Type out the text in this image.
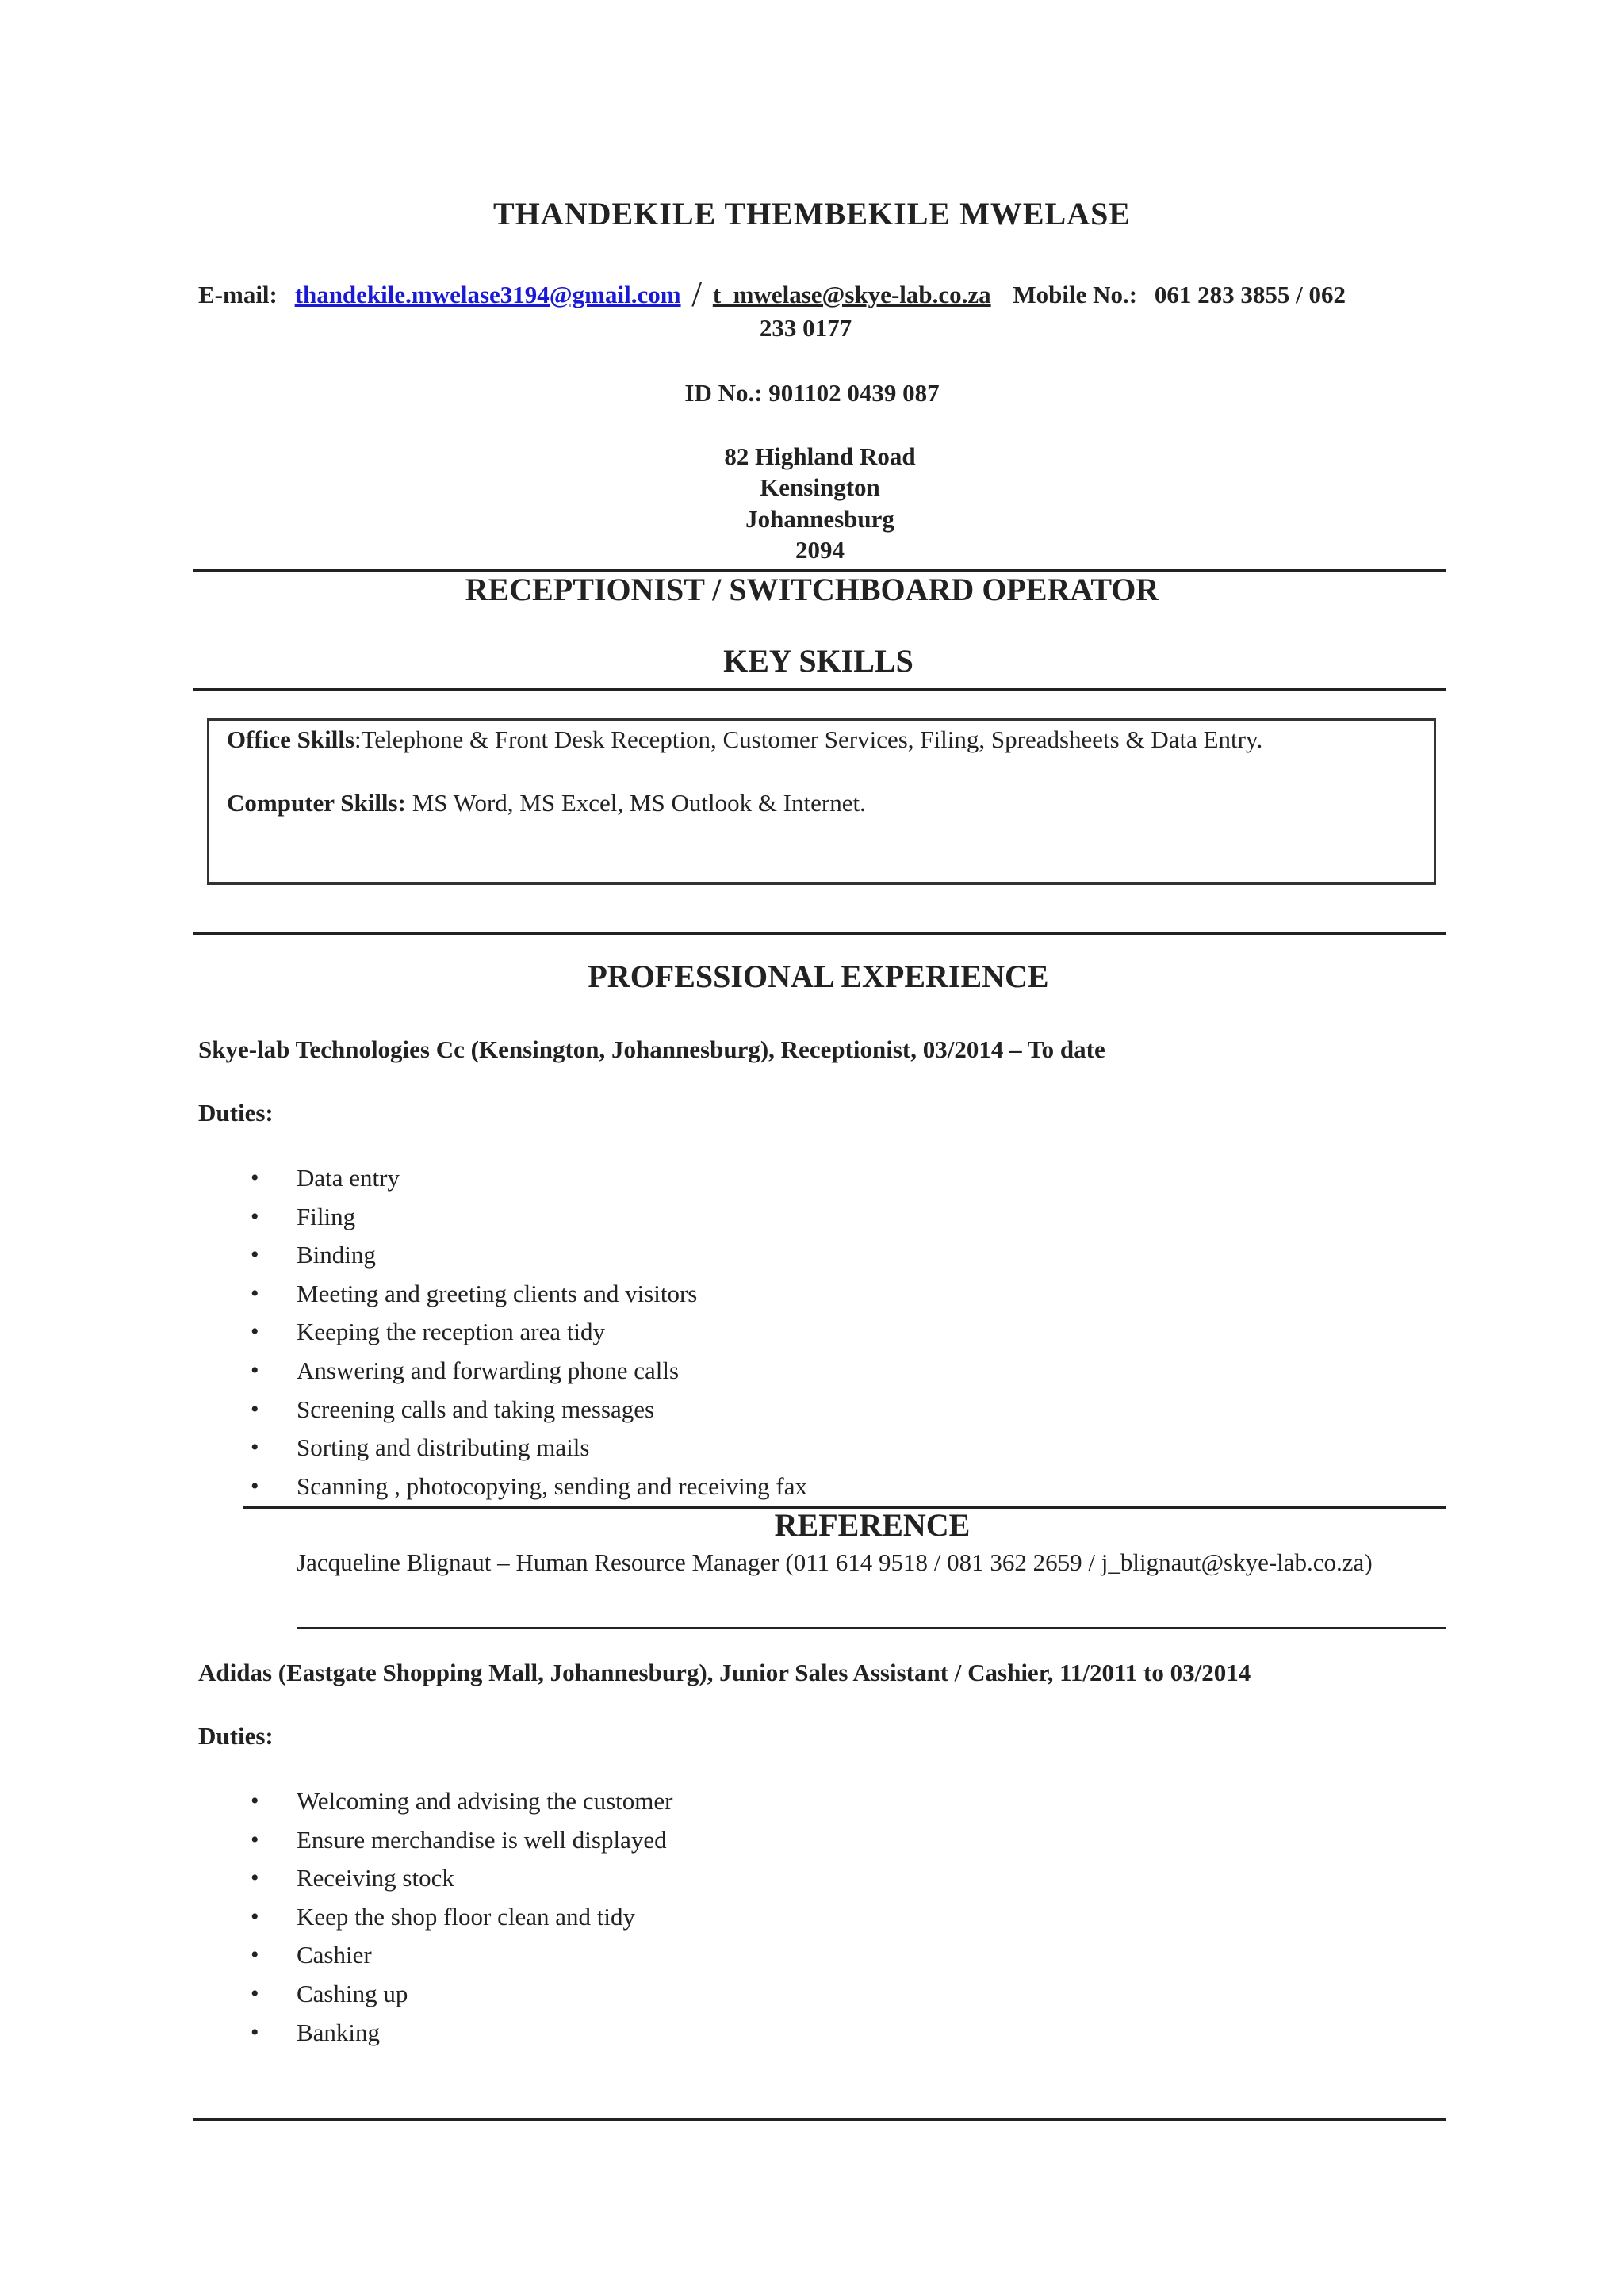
THANDEKILE THEMBEKILE MWELASE
E-mail: thandekile.mwelase3194@gmail.com / t_mwelase@skye-lab.co.za Mobile No.: 061 283 3855 / 062
233 0177
ID No.: 901102 0439 087
82 Highland Road
Kensington
Johannesburg
2094
RECEPTIONIST / SWITCHBOARD OPERATOR
KEY SKILLS
Office Skills:Telephone & Front Desk Reception, Customer Services, Filing, Spreadsheets & Data Entry.
Computer Skills: MS Word, MS Excel, MS Outlook & Internet.
PROFESSIONAL EXPERIENCE
Skye-lab Technologies Cc (Kensington, Johannesburg), Receptionist, 03/2014 – To date
Duties:
• Data entry
• Filing
• Binding
• Meeting and greeting clients and visitors
• Keeping the reception area tidy
• Answering and forwarding phone calls
• Screening calls and taking messages
• Sorting and distributing mails
• Scanning , photocopying, sending and receiving fax
REFERENCE
Jacqueline Blignaut – Human Resource Manager (011 614 9518 / 081 362 2659 / j_blignaut@skye-lab.co.za)
Adidas (Eastgate Shopping Mall, Johannesburg), Junior Sales Assistant / Cashier, 11/2011 to 03/2014
Duties:
• Welcoming and advising the customer
• Ensure merchandise is well displayed
• Receiving stock
• Keep the shop floor clean and tidy
• Cashier
• Cashing up
• Banking
